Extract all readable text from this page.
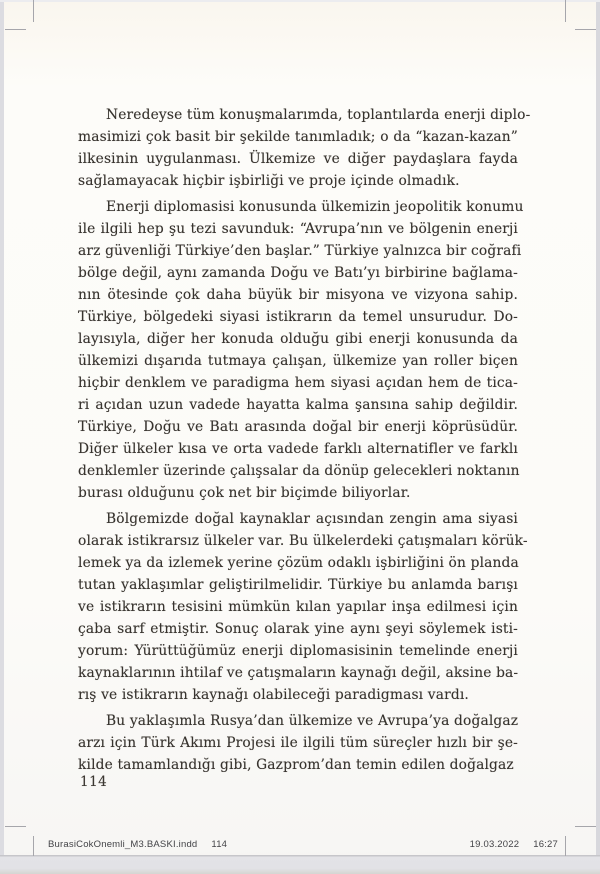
Neredeyse tüm konuşmalarımda, toplantılarda enerji diplo-
masimizi çok basit bir şekilde tanımladık; o da “kazan-kazan”
ilkesinin uygulanması. Ülkemize ve diğer paydaşlara fayda
sağlamayacak hiçbir işbirliği ve proje içinde olmadık.
Enerji diplomasisi konusunda ülkemizin jeopolitik konumu
ile ilgili hep şu tezi savunduk: “Avrupa’nın ve bölgenin enerji
arz güvenliği Türkiye’den başlar.” Türkiye yalnızca bir coğrafi
bölge değil, aynı zamanda Doğu ve Batı’yı birbirine bağlama-
nın ötesinde çok daha büyük bir misyona ve vizyona sahip.
Türkiye, bölgedeki siyasi istikrarın da temel unsurudur. Do-
layısıyla, diğer her konuda olduğu gibi enerji konusunda da
ülkemizi dışarıda tutmaya çalışan, ülkemize yan roller biçen
hiçbir denklem ve paradigma hem siyasi açıdan hem de tica-
ri açıdan uzun vadede hayatta kalma şansına sahip değildir.
Türkiye, Doğu ve Batı arasında doğal bir enerji köprüsüdür.
Diğer ülkeler kısa ve orta vadede farklı alternatifler ve farklı
denklemler üzerinde çalışsalar da dönüp gelecekleri noktanın
burası olduğunu çok net bir biçimde biliyorlar.
Bölgemizde doğal kaynaklar açısından zengin ama siyasi
olarak istikrarsız ülkeler var. Bu ülkelerdeki çatışmaları körük-
lemek ya da izlemek yerine çözüm odaklı işbirliğini ön planda
tutan yaklaşımlar geliştirilmelidir. Türkiye bu anlamda barışı
ve istikrarın tesisini mümkün kılan yapılar inşa edilmesi için
çaba sarf etmiştir. Sonuç olarak yine aynı şeyi söylemek isti-
yorum: Yürüttüğümüz enerji diplomasisinin temelinde enerji
kaynaklarının ihtilaf ve çatışmaların kaynağı değil, aksine ba-
rış ve istikrarın kaynağı olabileceği paradigması vardı.
Bu yaklaşımla Rusya’dan ülkemize ve Avrupa’ya doğalgaz
arzı için Türk Akımı Projesi ile ilgili tüm süreçler hızlı bir şe-
kilde tamamlandığı gibi, Gazprom’dan temin edilen doğalgaz
114
BurasiCokOnemli_M3.BASKI.indd 114	19.03.2022 16:27
